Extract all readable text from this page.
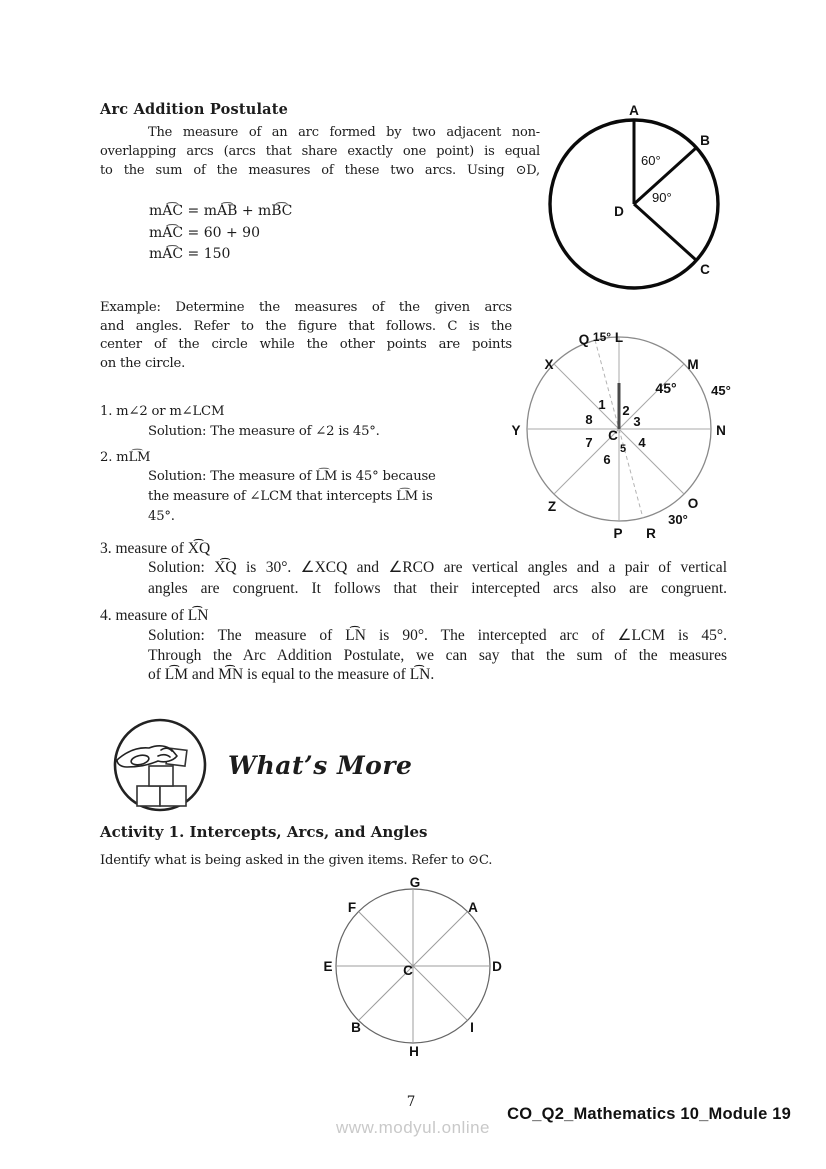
Arc Addition Postulate
The measure of an arc formed by two adjacent non-
overlapping arcs (arcs that share exactly one point) is equal
to the sum of the measures of these two arcs. Using ⊙D,
mA͡C = mA͡B + mB͡C
mA͡C = 60 + 90
mA͡C = 150
A
B
C
D
60°
90°
Example: Determine the measures of the given arcs
and angles. Refer to the figure that follows. C is the
center of the circle while the other points are points
on the circle.
1. m∠2 or m∠LCM
Solution: The measure of ∠2 is 45°.
2. mL͡M
Solution: The measure of L͡M is 45° because
the measure of ∠LCM that intercepts L͡M is
45°.
3. measure of X͡Q
Solution: X͡Q is 30°. ∠XCQ and ∠RCO are vertical angles and a pair of vertical
angles are congruent. It follows that their intercepted arcs also are congruent.
4. measure of L͡N
Solution: The measure of L͡N is 90°. The intercepted arc of ∠LCM is 45°.
Through the Arc Addition Postulate, we can say that the sum of the measures
of L͡M and M͡N is equal to the measure of L͡N.
Q 15° L
X	M
45°	45°
Y	N
Z	O
30°
P R
C
1 2
3
4
5
6
7
8
What’s More
Activity 1. Intercepts, Arcs, and Angles
Identify what is being asked in the given items. Refer to ⊙C.
G
F	A
E	D
B	I
H
C
7
CO_Q2_Mathematics 10_Module 19
www.modyul.online
